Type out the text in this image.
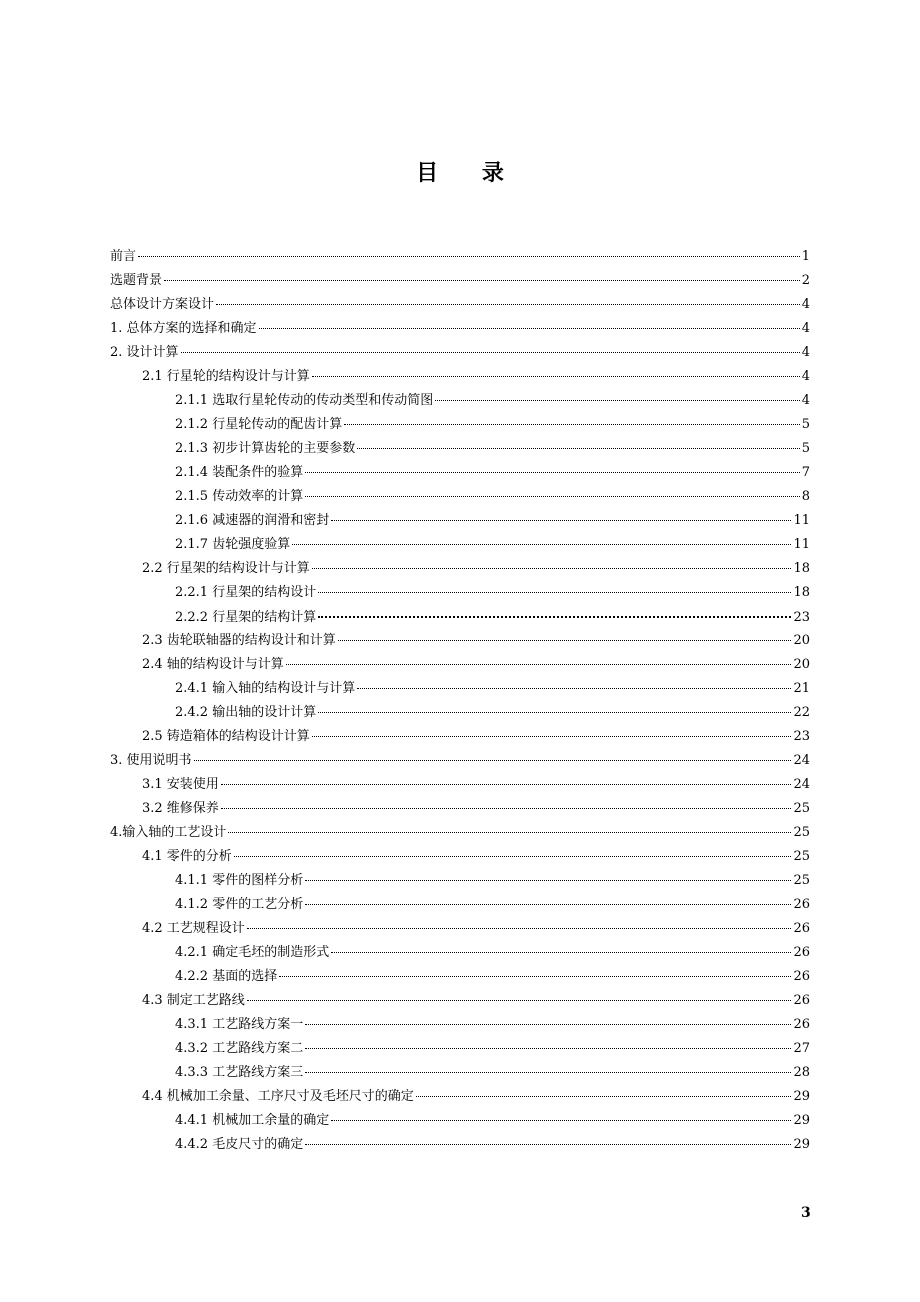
目 录
前言	1
选题背景	2
总体设计方案设计	4
1. 总体方案的选择和确定	4
2. 设计计算	4
2.1 行星轮的结构设计与计算	4
2.1.1 选取行星轮传动的传动类型和传动简图	4
2.1.2 行星轮传动的配齿计算	5
2.1.3 初步计算齿轮的主要参数	5
2.1.4 装配条件的验算	7
2.1.5 传动效率的计算	8
2.1.6 减速器的润滑和密封	11
2.1.7 齿轮强度验算	11
2.2 行星架的结构设计与计算	18
2.2.1 行星架的结构设计	18
2.2.2 行星架的结构计算	23
2.3 齿轮联轴器的结构设计和计算	20
2.4 轴的结构设计与计算	20
2.4.1 输入轴的结构设计与计算	21
2.4.2 输出轴的设计计算	22
2.5 铸造箱体的结构设计计算	23
3. 使用说明书	24
3.1 安装使用	24
3.2 维修保养	25
4.输入轴的工艺设计	25
4.1 零件的分析	25
4.1.1 零件的图样分析	25
4.1.2 零件的工艺分析	26
4.2 工艺规程设计	26
4.2.1 确定毛坯的制造形式	26
4.2.2 基面的选择	26
4.3 制定工艺路线	26
4.3.1 工艺路线方案一	26
4.3.2 工艺路线方案二	27
4.3.3 工艺路线方案三	28
4.4 机械加工余量、工序尺寸及毛坯尺寸的确定	29
4.4.1 机械加工余量的确定	29
4.4.2 毛皮尺寸的确定	29
3
